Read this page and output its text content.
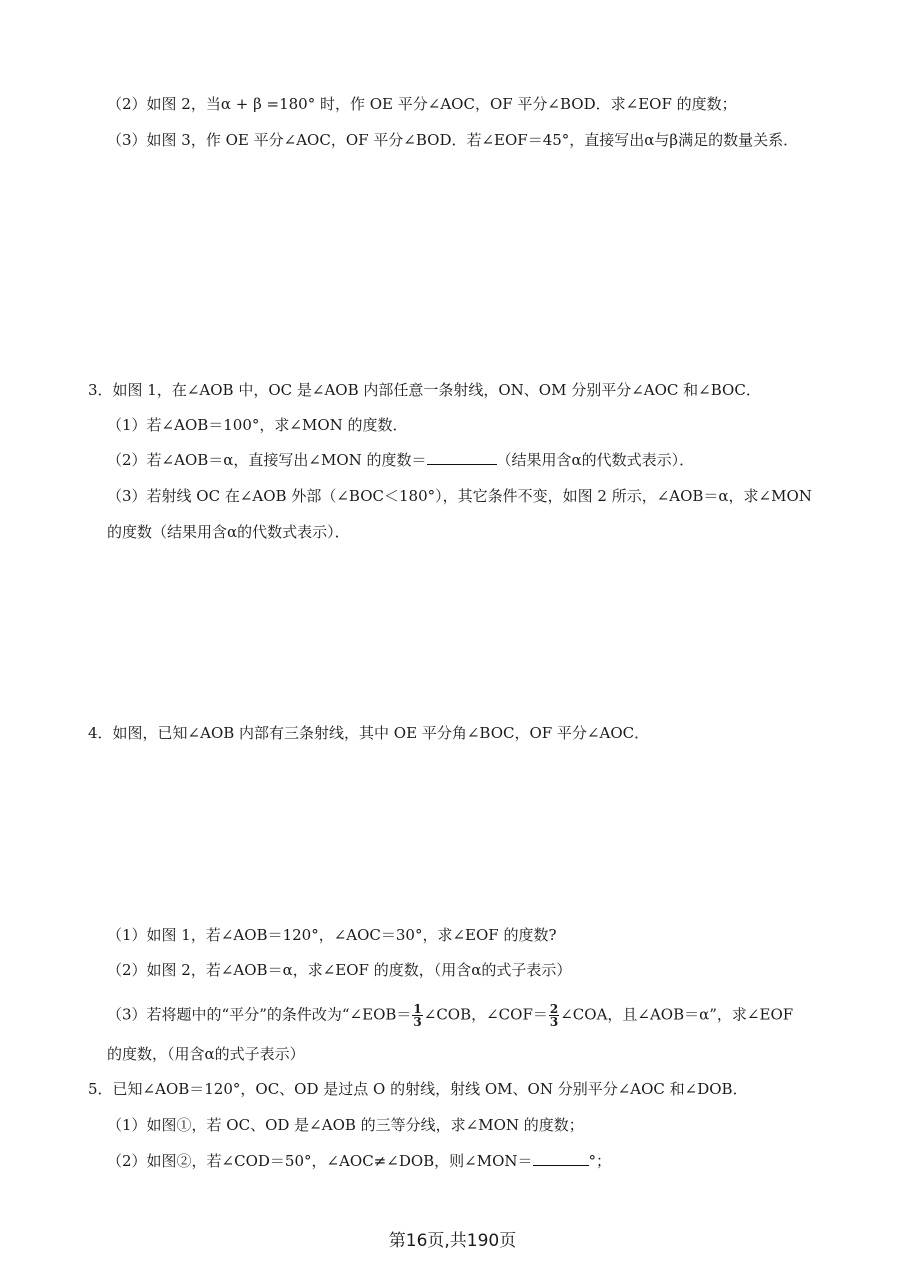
（2）如图 2，当α + β =180° 时，作 OE 平分∠AOC，OF 平分∠BOD．求∠EOF 的度数；
（3）如图 3，作 OE 平分∠AOC，OF 平分∠BOD．若∠EOF＝45°，直接写出α与β满足的数量关系．
3．如图 1，在∠AOB 中，OC 是∠AOB 内部任意一条射线，ON、OM 分别平分∠AOC 和∠BOC．
（1）若∠AOB＝100°，求∠MON 的度数．
（2）若∠AOB＝α，直接写出∠MON 的度数＝	（结果用含α的代数式表示）．
（3）若射线 OC 在∠AOB 外部（∠BOC＜180°），其它条件不变，如图 2 所示，∠AOB＝α，求∠MON
的度数（结果用含α的代数式表示）．
4．如图，已知∠AOB 内部有三条射线，其中 OE 平分角∠BOC，OF 平分∠AOC．
（1）如图 1，若∠AOB＝120°，∠AOC＝30°，求∠EOF 的度数?
（2）如图 2，若∠AOB＝α，求∠EOF 的度数，（用含α的式子表示）
（3）若将题中的“平分”的条件改为“∠EOB＝ $\frac{1}{3}$ ∠COB，∠COF＝ $\frac{2}{3}$ ∠COA，且∠AOB＝α”，求∠EOF
的度数，（用含α的式子表示）
5．已知∠AOB＝120°，OC、OD 是过点 O 的射线，射线 OM、ON 分别平分∠AOC 和∠DOB．
（1）如图①，若 OC、OD 是∠AOB 的三等分线，求∠MON 的度数；
（2）如图②，若∠COD＝50°，∠AOC≠∠DOB，则∠MON＝	°；
第16页,共190页
